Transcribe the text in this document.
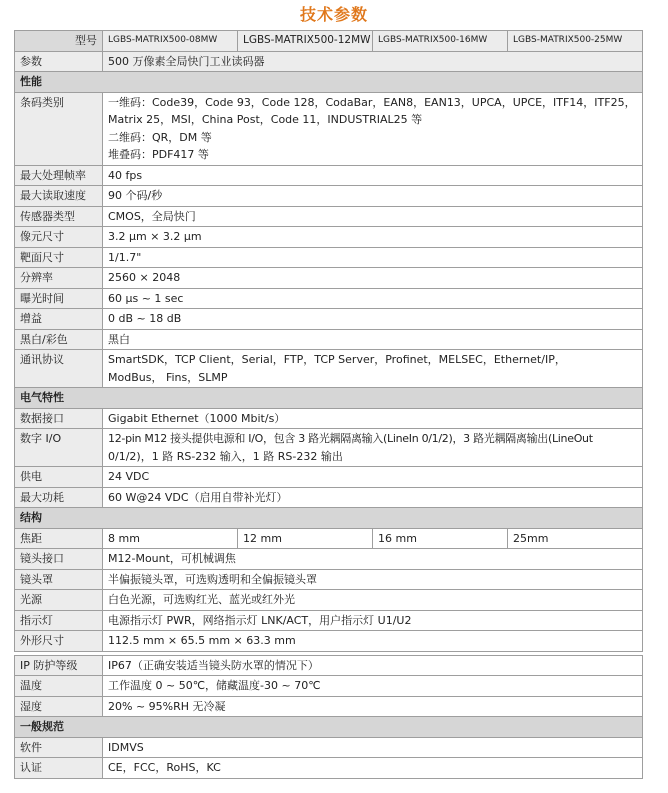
技术参数
型号	LGBS-MATRIX500-08MW	LGBS-MATRIX500-12MW	LGBS-MATRIX500-16MW	LGBS-MATRIX500-25MW
参数	500 万像素全局快门工业读码器			
性能				
条码类别	一维码：Code39，Code 93，Code 128，CodaBar，EAN8，EAN13，UPCA，UPCE，ITF14，ITF25，
Matrix 25，MSI，China Post，Code 11，INDUSTRIAL25 等
二维码：QR，DM 等
堆叠码：PDF417 等			

最大处理帧率	40 fps			
最大读取速度	90 个码/秒			
传感器类型	CMOS，全局快门			
像元尺寸	3.2 μm × 3.2 μm			
靶面尺寸	1/1.7"			
分辨率	2560 × 2048			
曝光时间	60 μs ~ 1 sec			
增益	0 dB ~ 18 dB			
黑白/彩色	黑白			
通讯协议	SmartSDK，TCP Client，Serial，FTP，TCP Server，Profinet，MELSEC，Ethernet/IP，
ModBus， Fins，SLMP			

电气特性				
数据接口	Gigabit Ethernet（1000 Mbit/s）			
数字 I/O	12-pin M12 接头提供电源和 I/O，包含 3 路光耦隔离输入(LineIn 0/1/2)，3 路光耦隔离输出(LineOut
0/1/2)，1 路 RS-232 输入，1 路 RS-232 输出			

供电	24 VDC			
最大功耗	60 W@24 VDC（启用自带补光灯）			
结构				
焦距	8 mm	12 mm	16 mm	25mm
镜头接口	M12-Mount，可机械调焦			
镜头罩	半偏振镜头罩，可选购透明和全偏振镜头罩			
光源	白色光源，可选购红光、蓝光或红外光			
指示灯	电源指示灯 PWR，网络指示灯 LNK/ACT，用户指示灯 U1/U2			
外形尺寸	112.5 mm × 65.5 mm × 63.3 mm			

IP 防护等级	IP67（正确安装适当镜头防水罩的情况下）			
温度	工作温度 0 ~ 50℃，储藏温度-30 ~ 70℃			
湿度	20% ~ 95%RH 无冷凝			
一般规范				
软件	IDMVS			
认证	CE，FCC，RoHS，KC			
